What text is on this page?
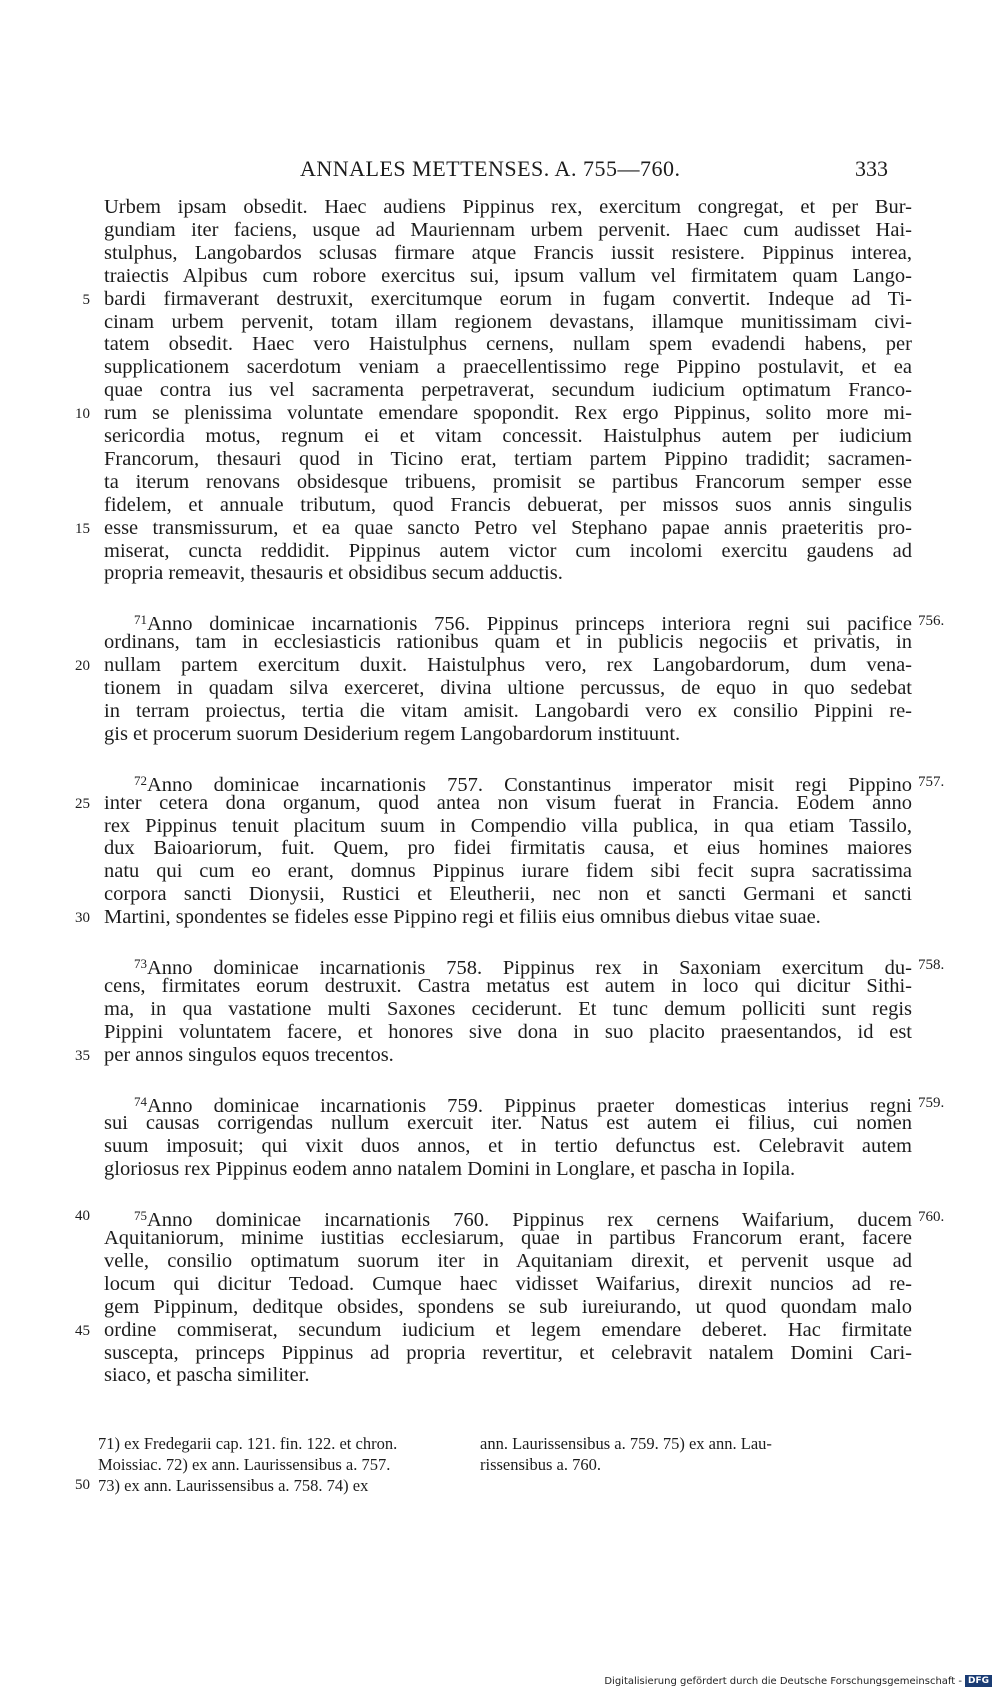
ANNALES METTENSES. A. 755—760.	333
Urbem ipsam obsedit. Haec audiens Pippinus rex, exercitum congregat, et per Bur-
gundiam iter faciens, usque ad Mauriennam urbem pervenit. Haec cum audisset Hai-
stulphus, Langobardos sclusas firmare atque Francis iussit resistere. Pippinus interea,
traiectis Alpibus cum robore exercitus sui, ipsum vallum vel firmitatem quam Lango-
bardi firmaverant destruxit, exercitumque eorum in fugam convertit. Indeque ad Ti-
5
cinam urbem pervenit, totam illam regionem devastans, illamque munitissimam civi-
tatem obsedit. Haec vero Haistulphus cernens, nullam spem evadendi habens, per
supplicationem sacerdotum veniam a praecellentissimo rege Pippino postulavit, et ea
quae contra ius vel sacramenta perpetraverat, secundum iudicium optimatum Franco-
rum se plenissima voluntate emendare spopondit. Rex ergo Pippinus, solito more mi-
10
sericordia motus, regnum ei et vitam concessit. Haistulphus autem per iudicium
Francorum, thesauri quod in Ticino erat, tertiam partem Pippino tradidit; sacramen-
ta iterum renovans obsidesque tribuens, promisit se partibus Francorum semper esse
fidelem, et annuale tributum, quod Francis debuerat, per missos suos annis singulis
esse transmissurum, et ea quae sancto Petro vel Stephano papae annis praeteritis pro-
15
miserat, cuncta reddidit. Pippinus autem victor cum incolomi exercitu gaudens ad
propria remeavit, thesauris et obsidibus secum adductis.
$^{71}$Anno dominicae incarnationis 756. Pippinus princeps interiora regni sui pacifice 756.
ordinans, tam in ecclesiasticis rationibus quam et in publicis negociis et privatis, in
nullam partem exercitum duxit. Haistulphus vero, rex Langobardorum, dum vena-
20
tionem in quadam silva exerceret, divina ultione percussus, de equo in quo sedebat
in terram proiectus, tertia die vitam amisit. Langobardi vero ex consilio Pippini re-
gis et procerum suorum Desiderium regem Langobardorum instituunt.
$^{72}$Anno dominicae incarnationis 757. Constantinus imperator misit regi Pippino 757.
inter cetera dona organum, quod antea non visum fuerat in Francia. Eodem anno
25
rex Pippinus tenuit placitum suum in Compendio villa publica, in qua etiam Tassilo,
dux Baioariorum, fuit. Quem, pro fidei firmitatis causa, et eius homines maiores
natu qui cum eo erant, domnus Pippinus iurare fidem sibi fecit supra sacratissima
corpora sancti Dionysii, Rustici et Eleutherii, nec non et sancti Germani et sancti
Martini, spondentes se fideles esse Pippino regi et filiis eius omnibus diebus vitae suae.
30
$^{73}$Anno dominicae incarnationis 758. Pippinus rex in Saxoniam exercitum du- 758.
cens, firmitates eorum destruxit. Castra metatus est autem in loco qui dicitur Sithi-
ma, in qua vastatione multi Saxones ceciderunt. Et tunc demum polliciti sunt regis
Pippini voluntatem facere, et honores sive dona in suo placito praesentandos, id est
per annos singulos equos trecentos.
35
$^{74}$Anno dominicae incarnationis 759. Pippinus praeter domesticas interius regni 759.
sui causas corrigendas nullum exercuit iter. Natus est autem ei filius, cui nomen
suum imposuit; qui vixit duos annos, et in tertio defunctus est. Celebravit autem
gloriosus rex Pippinus eodem anno natalem Domini in Longlare, et pascha in Iopila.
$^{75}$Anno dominicae incarnationis 760. Pippinus rex cernens Waifarium, ducem
40	760.
Aquitaniorum, minime iustitias ecclesiarum, quae in partibus Francorum erant, facere
velle, consilio optimatum suorum iter in Aquitaniam direxit, et pervenit usque ad
locum qui dicitur Tedoad. Cumque haec vidisset Waifarius, direxit nuncios ad re-
gem Pippinum, deditque obsides, spondens se sub iureiurando, ut quod quondam malo
ordine commiserat, secundum iudicium et legem emendare deberet. Hac firmitate
45
suscepta, princeps Pippinus ad propria revertitur, et celebravit natalem Domini Cari-
siaco, et pascha similiter.
71) ex Fredegarii cap. 121. fin. 122. et chron.
Moissiac. 72) ex ann. Laurissensibus a. 757.
73) ex ann. Laurissensibus a. 758. 74) ex
50
ann. Laurissensibus a. 759. 75) ex ann. Lau-
rissensibus a. 760.
Digitalisierung gefördert durch die Deutsche Forschungsgemeinschaft - DFG
